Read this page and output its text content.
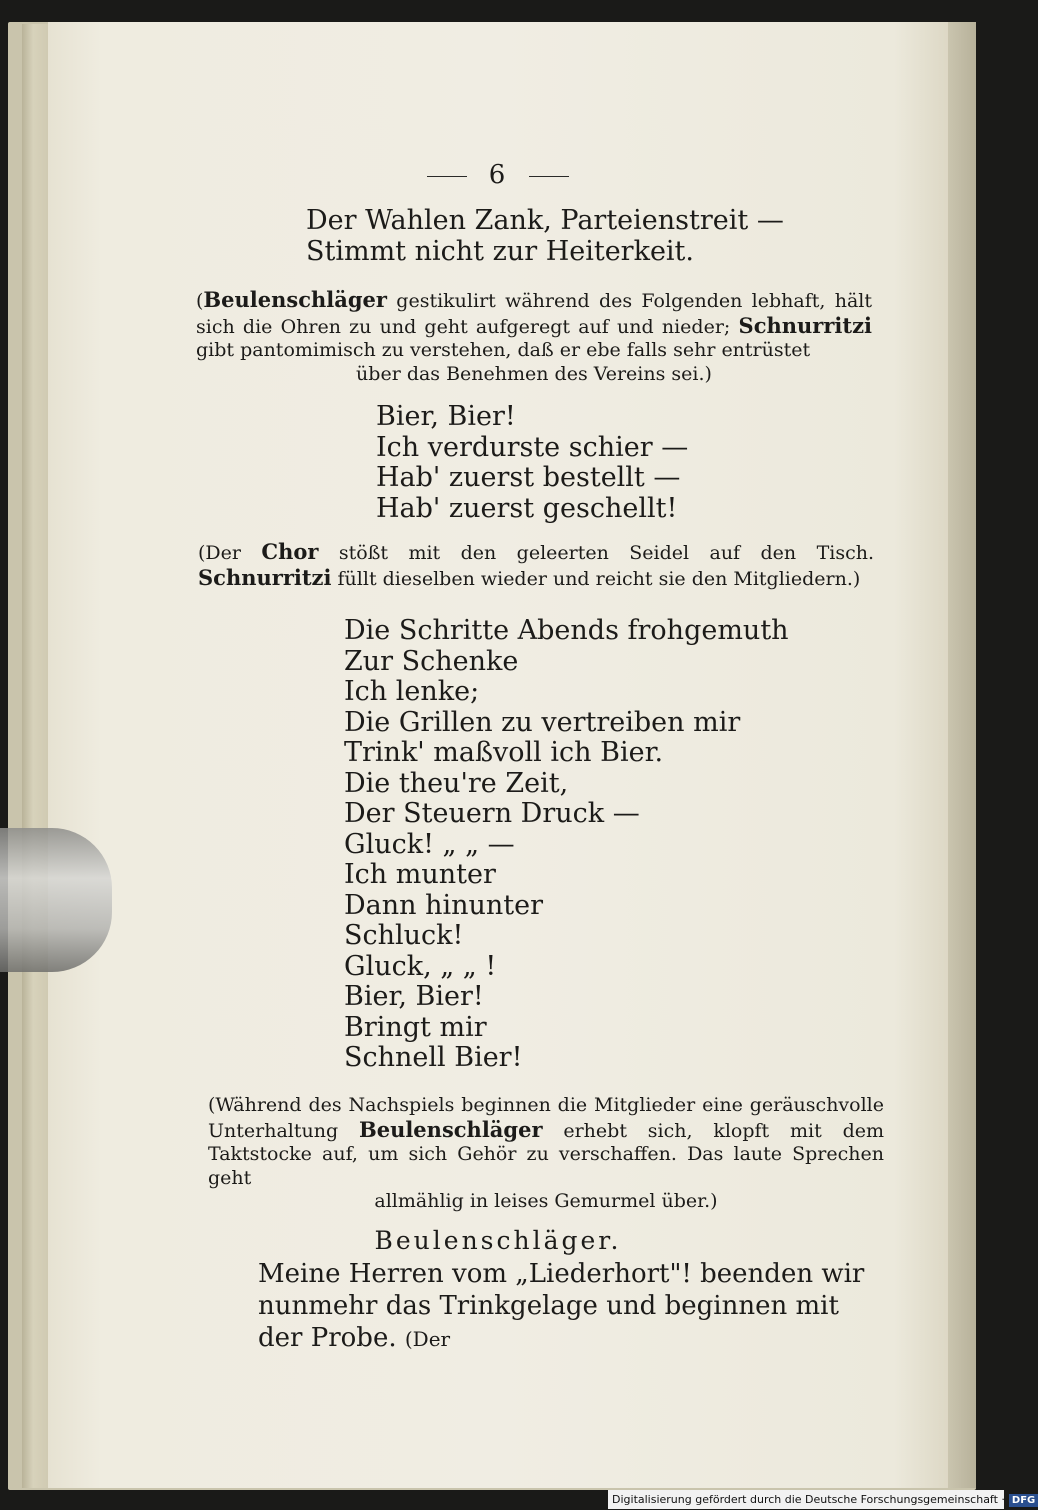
6
Der Wahlen Zank, Parteienstreit —
Stimmt nicht zur Heiterkeit.
(Beulenschläger gestikulirt während des Folgenden lebhaft, hält sich die Ohren zu und geht aufgeregt auf und nieder; Schnurritzi gibt pantomimisch zu verstehen, daß er ebe falls sehr entrüstet
über das Benehmen des Vereins sei.)
Bier, Bier!
Ich verdurste schier —
Hab' zuerst bestellt —
Hab' zuerst geschellt!
(Der Chor stößt mit den geleerten Seidel auf den Tisch. Schnurritzi füllt dieselben wieder und reicht sie den Mitgliedern.)
Die Schritte Abends frohgemuth
Zur Schenke
Ich lenke;
Die Grillen zu vertreiben mir
Trink' maßvoll ich Bier.
Die theu're Zeit,
Der Steuern Druck —
Gluck! „ „ —
Ich munter
Dann hinunter
Schluck!
Gluck, „ „ !
Bier, Bier!
Bringt mir
Schnell Bier!
(Während des Nachspiels beginnen die Mitglieder eine geräuschvolle Unterhaltung Beulenschläger erhebt sich, klopft mit dem Taktstocke auf, um sich Gehör zu verschaffen. Das laute Sprechen geht
allmählig in leises Gemurmel über.)
Beulenschläger.
Meine Herren vom „Liederhort"! beenden wir nunmehr das Trinkgelage und beginnen mit der Probe. (Der
Digitalisierung gefördert durch die Deutsche Forschungsgemeinschaft · DFG
